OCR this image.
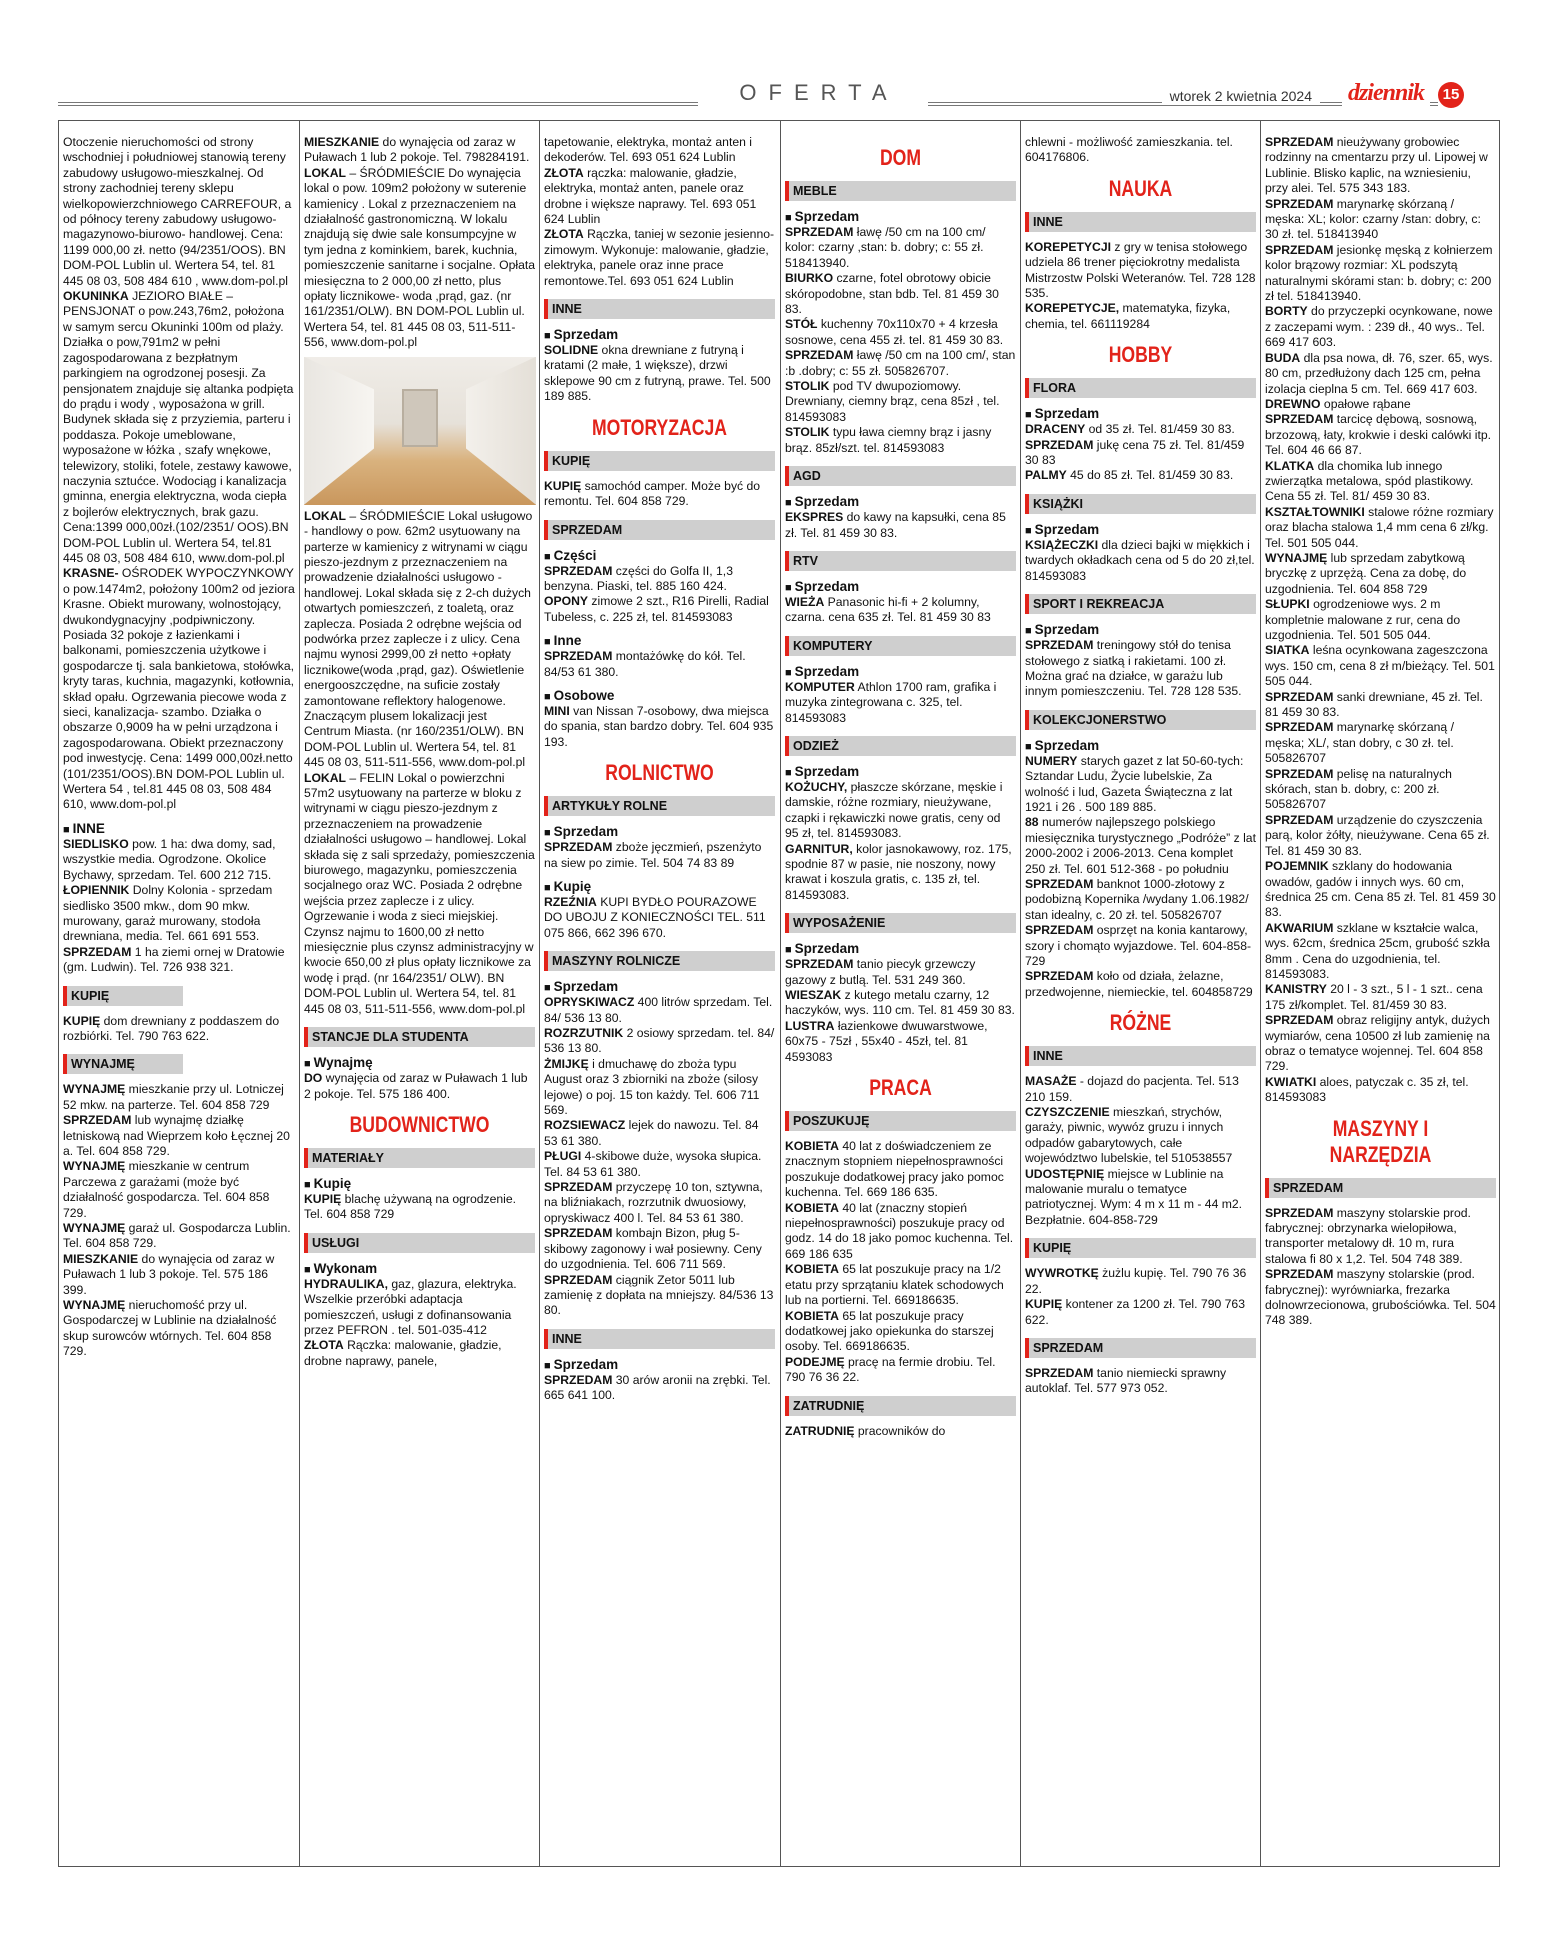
OFERTA	wtorek 2 kwietnia 2024	dziennik	15

Otoczenie nieruchomości od strony wschodniej i południowej stanowią tereny zabudowy usługowo-mieszkalnej. Od strony zachodniej tereny sklepu wielkopowierzchniowego CARREFOUR, a od północy tereny zabudowy usługowo-magazynowo-biurowo- handlowej. Cena: 1199 000,00 zł. netto (94/2351/OOS). BN DOM-POL Lublin ul. Wertera 54, tel. 81 445 08 03, 508 484 610 , www.dom-pol.pl

OKUNINKA JEZIORO BIAŁE – PENSJONAT o pow.243,76m2, położona w samym sercu Okuninki 100m od plaży. Działka o pow,791m2 w pełni zagospodarowana z bezpłatnym parkingiem na ogrodzonej posesji. Za pensjonatem znajduje się altanka podpięta do prądu i wody , wyposażona w grill. Budynek składa się z przyziemia, parteru i poddasza. Pokoje umeblowane, wyposażone w łóżka , szafy wnękowe, telewizory, stoliki, fotele, zestawy kawowe, naczynia sztućce. Wodociąg i kanalizacja gminna, energia elektryczna, woda ciepła z bojlerów elektrycznych, brak gazu. Cena:1399 000,00zł.(102/2351/ OOS).BN DOM-POL Lublin ul. Wertera 54, tel.81 445 08 03, 508 484 610, www.dom-pol.pl

KRASNE- OŚRODEK WYPOCZYNKOWY o pow.1474m2, położony 100m2 od jeziora Krasne. Obiekt murowany, wolnostojący, dwukondygnacyjny ,podpiwniczony. Posiada 32 pokoje z łazienkami i balkonami, pomieszczenia użytkowe i gospodarcze tj. sala bankietowa, stołówka, kryty taras, kuchnia, magazynki, kotłownia, skład opału. Ogrzewania piecowe woda z sieci, kanalizacja- szambo. Działka o obszarze 0,9009 ha w pełni urządzona i zagospodarowana. Obiekt przeznaczony pod inwestycję. Cena: 1499 000,00zł.netto (101/2351/OOS).BN DOM-POL Lublin ul. Wertera 54 , tel.81 445 08 03, 508 484 610, www.dom-pol.pl

■ INNE

SIEDLISKO pow. 1 ha: dwa domy, sad, wszystkie media. Ogrodzone. Okolice Bychawy, sprzedam. Tel. 600 212 715.

ŁOPIENNIK Dolny Kolonia - sprzedam siedlisko 3500 mkw., dom 90 mkw. murowany, garaż murowany, stodoła drewniana, media. Tel. 661 691 553.

SPRZEDAM 1 ha ziemi ornej w Dratowie (gm. Ludwin). Tel. 726 938 321.

KUPIĘ

KUPIĘ dom drewniany z poddaszem do rozbiórki. Tel. 790 763 622.

WYNAJMĘ

WYNAJMĘ mieszkanie przy ul. Lotniczej 52 mkw. na parterze. Tel. 604 858 729

SPRZEDAM lub wynajmę działkę letniskową nad Wieprzem koło Łęcznej 20 a. Tel. 604 858 729.

WYNAJMĘ mieszkanie w centrum Parczewa z garażami (może być działalność gospodarcza. Tel. 604 858 729.

WYNAJMĘ garaż ul. Gospodarcza Lublin. Tel. 604 858 729.

MIESZKANIE do wynajęcia od zaraz w Puławach 1 lub 3 pokoje. Tel. 575 186 399.

WYNAJMĘ nieruchomość przy ul. Gospodarczej w Lublinie na działalność skup surowców wtórnych. Tel. 604 858 729.

MIESZKANIE do wynajęcia od zaraz w Puławach 1 lub 2 pokoje. Tel. 798284191.

LOKAL – ŚRÓDMIEŚCIE Do wynajęcia lokal o pow. 109m2 położony w suterenie kamienicy . Lokal z przeznaczeniem na działalność gastronomiczną. W lokalu znajdują się dwie sale konsumpcyjne w tym jedna z kominkiem, barek, kuchnia, pomieszczenie sanitarne i socjalne. Opłata miesięczna to 2 000,00 zł netto, plus opłaty licznikowe- woda ,prąd, gaz. (nr 161/2351/OLW). BN DOM-POL Lublin ul. Wertera 54, tel. 81 445 08 03, 511-511-556, www.dom-pol.pl

LOKAL – ŚRÓDMIEŚCIE Lokal usługowo - handlowy o pow. 62m2 usytuowany na parterze w kamienicy z witrynami w ciągu pieszo-jezdnym z przeznaczeniem na prowadzenie działalności usługowo - handlowej. Lokal składa się z 2-ch dużych otwartych pomieszczeń, z toaletą, oraz zaplecza. Posiada 2 odrębne wejścia od podwórka przez zaplecze i z ulicy. Cena najmu wynosi 2999,00 zł netto +opłaty licznikowe(woda ,prąd, gaz). Oświetlenie energooszczędne, na suficie zostały zamontowane reflektory halogenowe. Znaczącym plusem lokalizacji jest Centrum Miasta. (nr 160/2351/OLW). BN DOM-POL Lublin ul. Wertera 54, tel. 81 445 08 03, 511-511-556, www.dom-pol.pl

LOKAL – FELIN Lokal o powierzchni 57m2 usytuowany na parterze w bloku z witrynami w ciągu pieszo-jezdnym z przeznaczeniem na prowadzenie działalności usługowo – handlowej. Lokal składa się z sali sprzedaży, pomieszczenia biurowego, magazynku, pomieszczenia socjalnego oraz WC. Posiada 2 odrębne wejścia przez zaplecze i z ulicy. Ogrzewanie i woda z sieci miejskiej. Czynsz najmu to 1600,00 zł netto miesięcznie plus czynsz administracyjny w kwocie 650,00 zł plus opłaty licznikowe za wodę i prąd. (nr 164/2351/ OLW). BN DOM-POL Lublin ul. Wertera 54, tel. 81 445 08 03, 511-511-556, www.dom-pol.pl

STANCJE DLA STUDENTA
■ Wynajmę

DO wynajęcia od zaraz w Puławach 1 lub 2 pokoje. Tel. 575 186 400.

BUDOWNICTWO
MATERIAŁY
■ Kupię

KUPIĘ blachę używaną na ogrodzenie. Tel. 604 858 729

USŁUGI
■ Wykonam

HYDRAULIKA, gaz, glazura, elektryka. Wszelkie przeróbki adaptacja pomieszczeń, usługi z dofinansowania przez PEFRON . tel. 501-035-412

ZŁOTA Rączka: malowanie, gładzie, drobne naprawy, panele,

tapetowanie, elektryka, montaż anten i dekoderów. Tel. 693 051 624 Lublin

ZŁOTA rączka: malowanie, gładzie, elektryka, montaż anten, panele oraz drobne i większe naprawy. Tel. 693 051 624 Lublin

ZŁOTA Rączka, taniej w sezonie jesienno-zimowym. Wykonuje: malowanie, gładzie, elektryka, panele oraz inne prace remontowe.Tel. 693 051 624 Lublin

INNE
■ Sprzedam

SOLIDNE okna drewniane z futryną i kratami (2 małe, 1 większe), drzwi sklepowe 90 cm z futryną, prawe. Tel. 500 189 885.

MOTORYZACJA
KUPIĘ

KUPIĘ samochód camper. Może być do remontu. Tel. 604 858 729.

SPRZEDAM
■ Części

SPRZEDAM części do Golfa II, 1,3 benzyna. Piaski, tel. 885 160 424.

OPONY zimowe 2 szt., R16 Pirelli, Radial Tubeless, c. 225 zł, tel. 814593083

■ Inne

SPRZEDAM montażówkę do kół. Tel. 84/53 61 380.

■ Osobowe

MINI van Nissan 7-osobowy, dwa miejsca do spania, stan bardzo dobry. Tel. 604 935 193.

ROLNICTWO
ARTYKUŁY ROLNE
■ Sprzedam

SPRZEDAM zboże jęczmień, pszenżyto na siew po zimie. Tel. 504 74 83 89

■ Kupię

RZEŹNIA KUPI BYDŁO POURAZOWE DO UBOJU Z KONIECZNOŚCI TEL. 511 075 866, 662 396 670.

MASZYNY ROLNICZE
■ Sprzedam

OPRYSKIWACZ 400 litrów sprzedam. Tel. 84/ 536 13 80.

ROZRZUTNIK 2 osiowy sprzedam. tel. 84/ 536 13 80.

ŻMIJKĘ i dmuchawę do zboża typu August oraz 3 zbiorniki na zboże (silosy lejowe) o poj. 15 ton każdy. Tel. 606 711 569.

ROZSIEWACZ lejek do nawozu. Tel. 84 53 61 380.

PŁUGI 4-skibowe duże, wysoka słupica. Tel. 84 53 61 380.

SPRZEDAM przyczepę 10 ton, sztywna, na bliźniakach, rozrzutnik dwuosiowy, opryskiwacz 400 l. Tel. 84 53 61 380.

SPRZEDAM kombajn Bizon, pług 5-skibowy zagonowy i wał posiewny. Ceny do uzgodnienia. Tel. 606 711 569.

SPRZEDAM ciągnik Zetor 5011 lub zamienię z dopłata na mniejszy. 84/536 13 80.

INNE
■ Sprzedam

SPRZEDAM 30 arów aronii na zrębki. Tel. 665 641 100.

DOM
MEBLE
■ Sprzedam

SPRZEDAM ławę /50 cm na 100 cm/ kolor: czarny ,stan: b. dobry; c: 55 zł. 518413940.

BIURKO czarne, fotel obrotowy obicie skóropodobne, stan bdb. Tel. 81 459 30 83.

STÓŁ kuchenny 70x110x70 + 4 krzesła sosnowe, cena 455 zł. tel. 81 459 30 83.

SPRZEDAM ławę /50 cm na 100 cm/, stan :b .dobry; c: 55 zł. 505826707.

STOLIK pod TV dwupoziomowy. Drewniany, ciemny brąz, cena 85zł , tel. 814593083

STOLIK typu ława ciemny brąz i jasny brąz. 85zł/szt. tel. 814593083

AGD
■ Sprzedam

EKSPRES do kawy na kapsułki, cena 85 zł. Tel. 81 459 30 83.

RTV
■ Sprzedam

WIEŻA Panasonic hi-fi + 2 kolumny, czarna. cena 635 zł. Tel. 81 459 30 83

KOMPUTERY
■ Sprzedam

KOMPUTER Athlon 1700 ram, grafika i muzyka zintegrowana c. 325, tel. 814593083

ODZIEŻ
■ Sprzedam

KOŻUCHY, płaszcze skórzane, męskie i damskie, różne rozmiary, nieużywane, czapki i rękawiczki nowe gratis, ceny od 95 zł, tel. 814593083.

GARNITUR, kolor jasnokawowy, roz. 175, spodnie 87 w pasie, nie noszony, nowy krawat i koszula gratis, c. 135 zł, tel. 814593083.

WYPOSAŻENIE
■ Sprzedam

SPRZEDAM tanio piecyk grzewczy gazowy z butlą. Tel. 531 249 360.

WIESZAK z kutego metalu czarny, 12 haczyków, wys. 110 cm. Tel. 81 459 30 83.

LUSTRA łazienkowe dwuwarstwowe, 60x75 - 75zł , 55x40 - 45zł, tel. 81 4593083

PRACA
POSZUKUJĘ

KOBIETA 40 lat z doświadczeniem ze znacznym stopniem niepełnosprawności poszukuje dodatkowej pracy jako pomoc kuchenna. Tel. 669 186 635.

KOBIETA 40 lat (znaczny stopień niepełnosprawności) poszukuje pracy od godz. 14 do 18 jako pomoc kuchenna. Tel. 669 186 635

KOBIETA 65 lat poszukuje pracy na 1/2 etatu przy sprzątaniu klatek schodowych lub na portierni. Tel. 669186635.

KOBIETA 65 lat poszukuje pracy dodatkowej jako opiekunka do starszej osoby. Tel. 669186635.

PODEJMĘ pracę na fermie drobiu. Tel. 790 76 36 22.

ZATRUDNIĘ

ZATRUDNIĘ pracowników do

chlewni - możliwość zamieszkania. tel. 604176806.

NAUKA
INNE

KOREPETYCJI z gry w tenisa stołowego udziela 86 trener pięciokrotny medalista Mistrzostw Polski Weteranów. Tel. 728 128 535.

KOREPETYCJE, matematyka, fizyka, chemia, tel. 661119284

HOBBY
FLORA
■ Sprzedam

DRACENY od 35 zł. Tel. 81/459 30 83.

SPRZEDAM jukę cena 75 zł. Tel. 81/459 30 83

PALMY 45 do 85 zł. Tel. 81/459 30 83.

KSIĄŻKI
■ Sprzedam

KSIĄŻECZKI dla dzieci bajki w miękkich i twardych okładkach cena od 5 do 20 zł,tel. 814593083

SPORT I REKREACJA
■ Sprzedam

SPRZEDAM treningowy stół do tenisa stołowego z siatką i rakietami. 100 zł. Można grać na działce, w garażu lub innym pomieszczeniu. Tel. 728 128 535.

KOLEKCJONERSTWO
■ Sprzedam

NUMERY starych gazet z lat 50-60-tych: Sztandar Ludu, Życie lubelskie, Za wolność i lud, Gazeta Świąteczna z lat 1921 i 26 . 500 189 885.

88 numerów najlepszego polskiego miesięcznika turystycznego „Podróże” z lat 2000-2002 i 2006-2013. Cena komplet 250 zł. Tel. 601 512-368 - po południu

SPRZEDAM banknot 1000-złotowy z podobizną Kopernika /wydany 1.06.1982/ stan idealny, c. 20 zł. tel. 505826707

SPRZEDAM osprzęt na konia kantarowy, szory i chomąto wyjazdowe. Tel. 604-858-729

SPRZEDAM koło od działa, żelazne, przedwojenne, niemieckie, tel. 604858729

RÓŻNE
INNE

MASAŻE - dojazd do pacjenta. Tel. 513 210 159.

CZYSZCZENIE mieszkań, strychów, garaży, piwnic, wywóz gruzu i innych odpadów gabarytowych, całe województwo lubelskie, tel 510538557

UDOSTĘPNIĘ miejsce w Lublinie na malowanie muralu o tematyce patriotycznej. Wym: 4 m x 11 m - 44 m2. Bezpłatnie. 604-858-729

KUPIĘ

WYWROTKĘ żużlu kupię. Tel. 790 76 36 22.

KUPIĘ kontener za 1200 zł. Tel. 790 763 622.

SPRZEDAM

SPRZEDAM tanio niemiecki sprawny autoklaf. Tel. 577 973 052.

SPRZEDAM nieużywany grobowiec rodzinny na cmentarzu przy ul. Lipowej w Lublinie. Blisko kaplic, na wzniesieniu, przy alei. Tel. 575 343 183.

SPRZEDAM marynarkę skórzaną / męska: XL; kolor: czarny /stan: dobry, c: 30 zł. tel. 518413940

SPRZEDAM jesionkę męską z kołnierzem kolor brązowy rozmiar: XL podszytą naturalnymi skórami stan: b. dobry; c: 200 zł tel. 518413940.

BORTY do przyczepki ocynkowane, nowe z zaczepami wym. : 239 dł., 40 wys.. Tel. 669 417 603.

BUDA dla psa nowa, dł. 76, szer. 65, wys. 80 cm, przedłużony dach 125 cm, pełna izolacja cieplna 5 cm. Tel. 669 417 603.

DREWNO opałowe rąbane

SPRZEDAM tarcicę dębową, sosnową, brzozową, łaty, krokwie i deski calówki itp. Tel. 604 46 66 87.

KLATKA dla chomika lub innego zwierzątka metalowa, spód plastikowy. Cena 55 zł. Tel. 81/ 459 30 83.

KSZTAŁTOWNIKI stalowe różne rozmiary oraz blacha stalowa 1,4 mm cena 6 zł/kg. Tel. 501 505 044.

WYNAJMĘ lub sprzedam zabytkową bryczkę z uprzężą. Cena za dobę, do uzgodnienia. Tel. 604 858 729

SŁUPKI ogrodzeniowe wys. 2 m kompletnie malowane z rur, cena do uzgodnienia. Tel. 501 505 044.

SIATKA leśna ocynkowana zageszczona wys. 150 cm, cena 8 zł m/bieżący. Tel. 501 505 044.

SPRZEDAM sanki drewniane, 45 zł. Tel. 81 459 30 83.

SPRZEDAM marynarkę skórzaną / męska; XL/, stan dobry, c 30 zł. tel. 505826707

SPRZEDAM pelisę na naturalnych skórach, stan b. dobry, c: 200 zł. 505826707

SPRZEDAM urządzenie do czyszczenia parą, kolor żółty, nieużywane. Cena 65 zł. Tel. 81 459 30 83.

POJEMNIK szklany do hodowania owadów, gadów i innych wys. 60 cm, średnica 25 cm. Cena 85 zł. Tel. 81 459 30 83.

AKWARIUM szklane w kształcie walca, wys. 62cm, średnica 25cm, grubość szkła 8mm . Cena do uzgodnienia, tel. 814593083.

KANISTRY 20 l - 3 szt., 5 l - 1 szt.. cena 175 zł/komplet. Tel. 81/459 30 83.

SPRZEDAM obraz religijny antyk, dużych wymiarów, cena 10500 zł lub zamienię na obraz o tematyce wojennej. Tel. 604 858 729.

KWIATKI aloes, patyczak c. 35 zł, tel. 814593083

MASZYNY I NARZĘDZIA
SPRZEDAM

SPRZEDAM maszyny stolarskie prod. fabrycznej: obrzynarka wielopiłowa, transporter metalowy dł. 10 m, rura stalowa fi 80 x 1,2. Tel. 504 748 389.

SPRZEDAM maszyny stolarskie (prod. fabrycznej): wyrówniarka, frezarka dolnowrzecionowa, grubościówka. Tel. 504 748 389.
